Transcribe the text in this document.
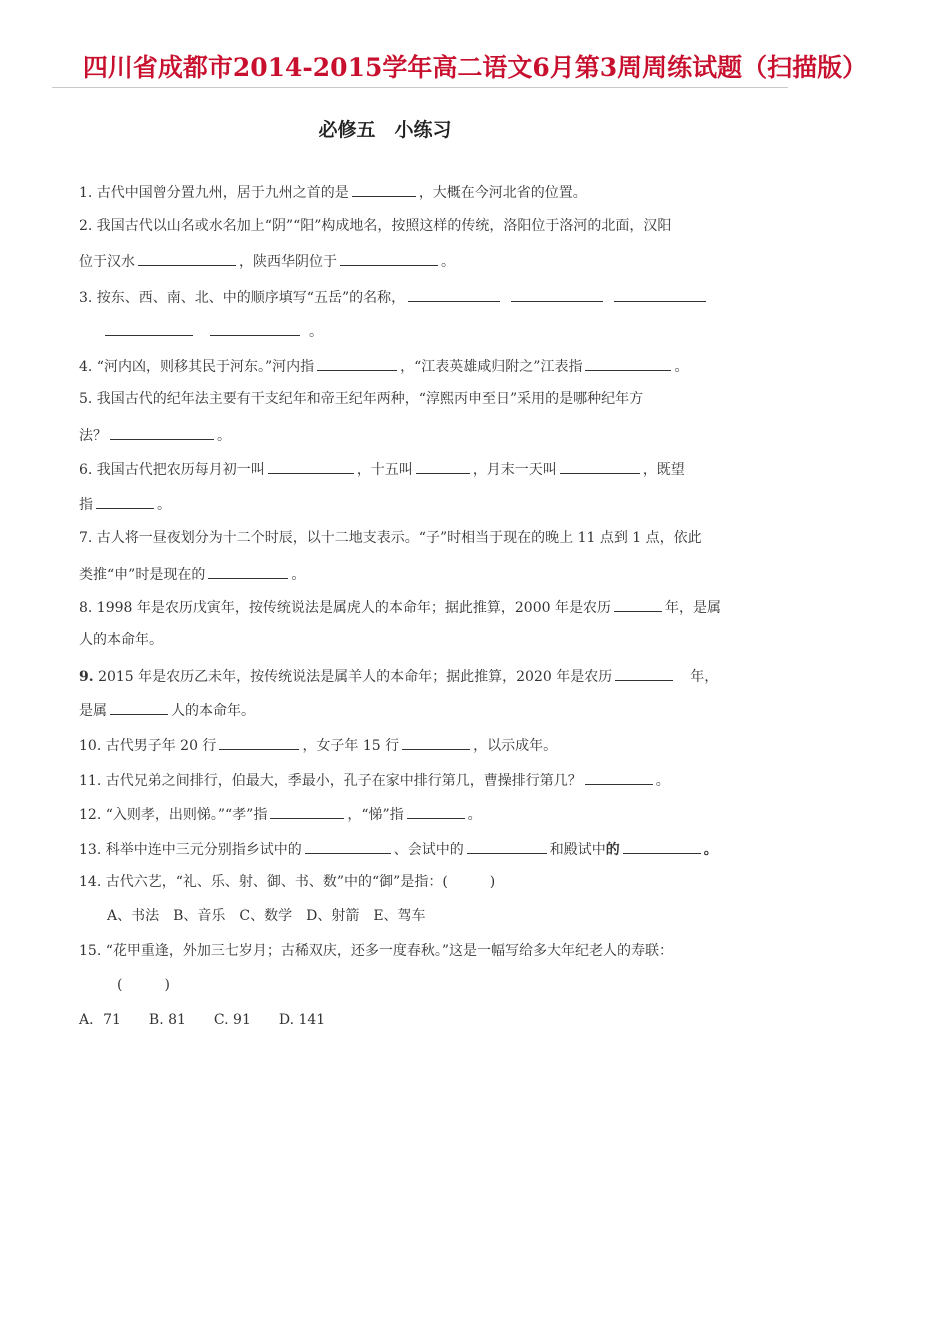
四川省成都市2014-2015学年高二语文6月第3周周练试题（扫描版）
必修五　小练习
1. 古代中国曾分置九州，居于九州之首的是	，大概在今河北省的位置。
2. 我国古代以山名或水名加上“阴”“阳”构成地名，按照这样的传统，洛阳位于洛河的北面，汉阳
位于汉水	，陕西华阴位于	。
3. 按东、西、南、北、中的顺序填写“五岳”的名称，
。
4. “河内凶，则移其民于河东。”河内指	，“江表英雄咸归附之”江表指	。
5. 我国古代的纪年法主要有干支纪年和帝王纪年两种，“淳熙丙申至日”采用的是哪种纪年方
法？	。
6. 我国古代把农历每月初一叫	，十五叫	，月末一天叫	，既望
指	。
7. 古人将一昼夜划分为十二个时辰，以十二地支表示。“子”时相当于现在的晚上 11 点到 1 点，依此
类推“申”时是现在的	。
8. 1998 年是农历戊寅年，按传统说法是属虎人的本命年；据此推算，2000 年是农历	年，是属
人的本命年。
9. 2015 年是农历乙未年，按传统说法是属羊人的本命年；据此推算，2020 年是农历	年，
是属	人的本命年。
10. 古代男子年 20 行	，女子年 15 行	，以示成年。
11. 古代兄弟之间排行，伯最大，季最小，孔子在家中排行第几，曹操排行第几？	。
12. “入则孝，出则悌。”“孝”指	，“悌”指	。
13. 科举中连中三元分别指乡试中的	、会试中的	和殿试中的	。
14. 古代六艺，“礼、乐、射、御、书、数”中的“御”是指：(　　　)
A、书法　B、音乐　C、数学　D、射箭　E、驾车
15. “花甲重逢，外加三七岁月；古稀双庆，还多一度春秋。”这是一幅写给多大年纪老人的寿联：
(　　　)
A．71　　B. 81　　C. 91　　D. 141
